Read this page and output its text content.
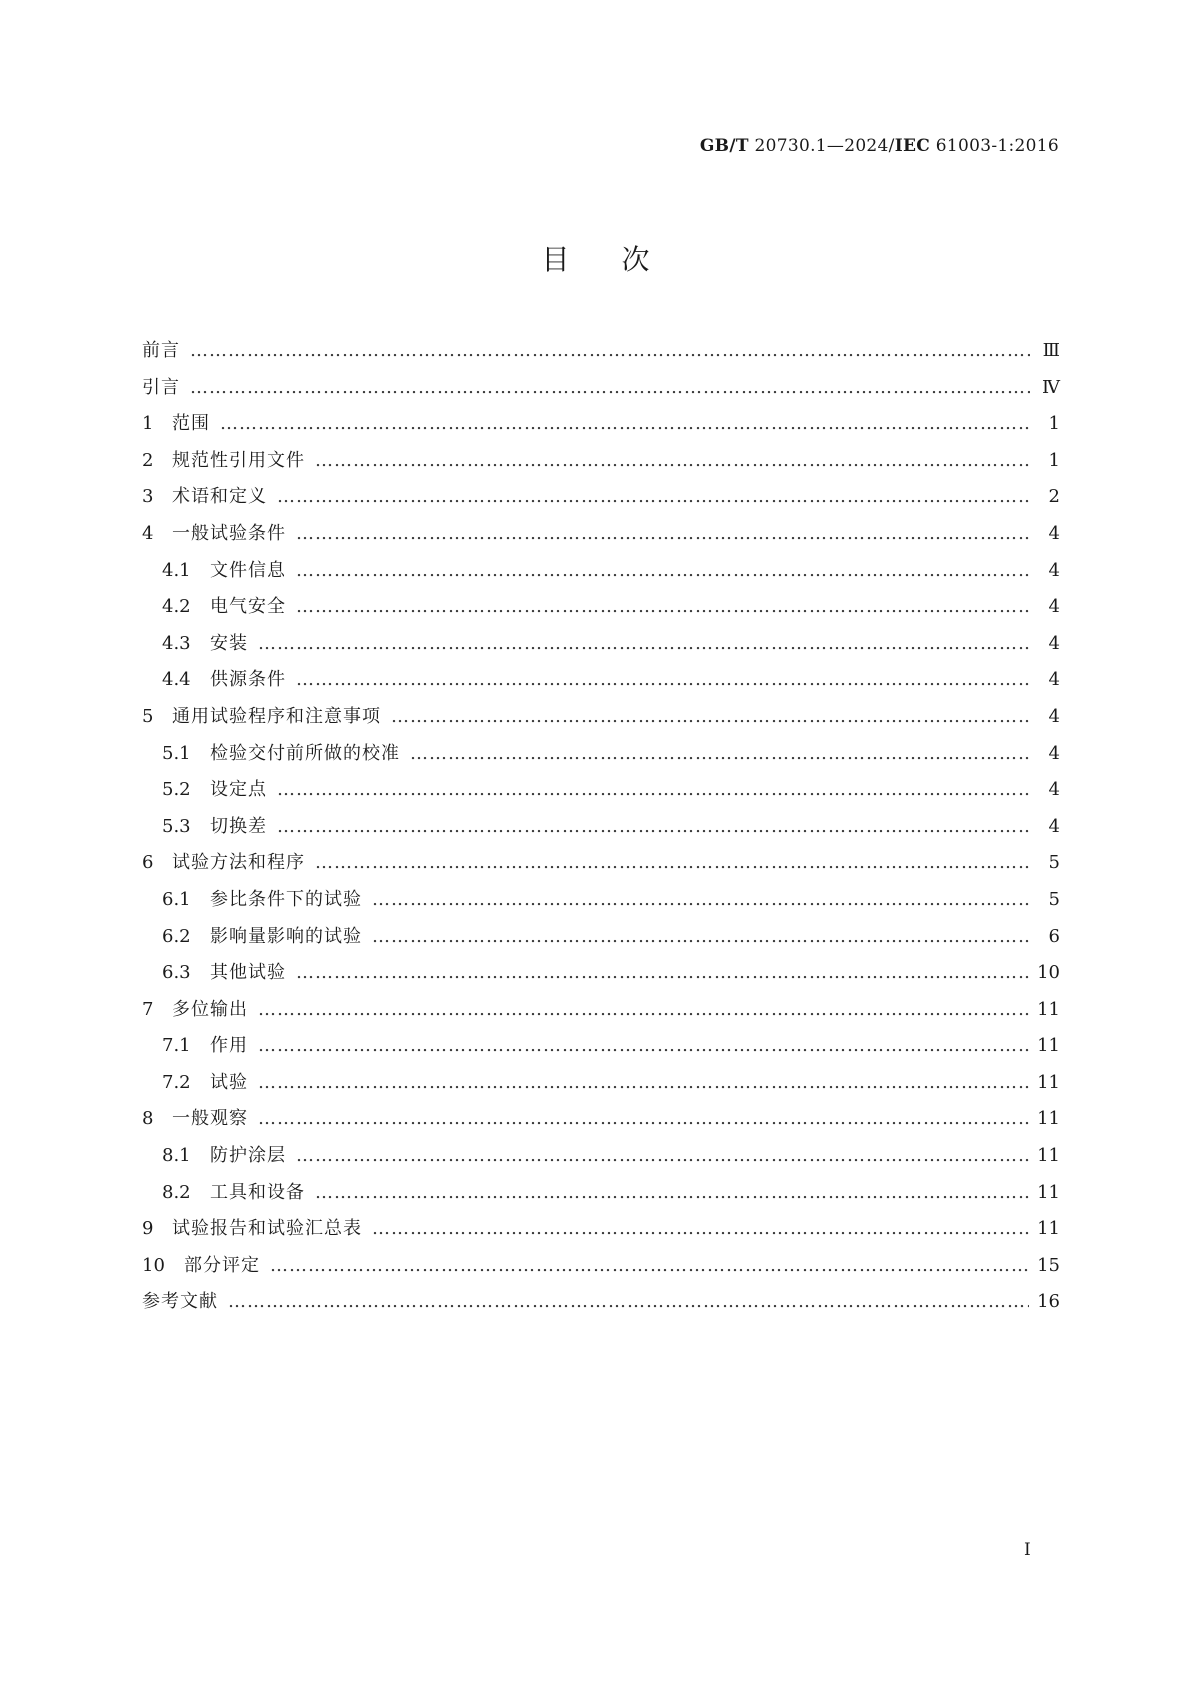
GB/T 20730.1—2024/IEC 61003-1:2016
目次
前言 …………………………………………………………………………………………………………………………………………………………………………………………………………………………………………	Ⅲ
引言 …………………………………………………………………………………………………………………………………………………………………………………………………………………………………………	Ⅳ
1	范围 …………………………………………………………………………………………………………………………………………………………………………………………………………………………………………	1
2	规范性引用文件 …………………………………………………………………………………………………………………………………………………………………………………………………………………………………………	1
3	术语和定义 …………………………………………………………………………………………………………………………………………………………………………………………………………………………………………	2
4	一般试验条件 …………………………………………………………………………………………………………………………………………………………………………………………………………………………………………	4
4.1	文件信息 …………………………………………………………………………………………………………………………………………………………………………………………………………………………………………	4
4.2	电气安全 …………………………………………………………………………………………………………………………………………………………………………………………………………………………………………	4
4.3	安装 …………………………………………………………………………………………………………………………………………………………………………………………………………………………………………	4
4.4	供源条件 …………………………………………………………………………………………………………………………………………………………………………………………………………………………………………	4
5	通用试验程序和注意事项 …………………………………………………………………………………………………………………………………………………………………………………………………………………………………………	4
5.1	检验交付前所做的校准 …………………………………………………………………………………………………………………………………………………………………………………………………………………………………………	4
5.2	设定点 …………………………………………………………………………………………………………………………………………………………………………………………………………………………………………	4
5.3	切换差 …………………………………………………………………………………………………………………………………………………………………………………………………………………………………………	4
6	试验方法和程序 …………………………………………………………………………………………………………………………………………………………………………………………………………………………………………	5
6.1	参比条件下的试验 …………………………………………………………………………………………………………………………………………………………………………………………………………………………………………	5
6.2	影响量影响的试验 …………………………………………………………………………………………………………………………………………………………………………………………………………………………………………	6
6.3	其他试验 …………………………………………………………………………………………………………………………………………………………………………………………………………………………………………	10
7	多位输出 …………………………………………………………………………………………………………………………………………………………………………………………………………………………………………	11
7.1	作用 …………………………………………………………………………………………………………………………………………………………………………………………………………………………………………	11
7.2	试验 …………………………………………………………………………………………………………………………………………………………………………………………………………………………………………	11
8	一般观察 …………………………………………………………………………………………………………………………………………………………………………………………………………………………………………	11
8.1	防护涂层 …………………………………………………………………………………………………………………………………………………………………………………………………………………………………………	11
8.2	工具和设备 …………………………………………………………………………………………………………………………………………………………………………………………………………………………………………	11
9	试验报告和试验汇总表 …………………………………………………………………………………………………………………………………………………………………………………………………………………………………………	11
10	部分评定 …………………………………………………………………………………………………………………………………………………………………………………………………………………………………………	15
参考文献 …………………………………………………………………………………………………………………………………………………………………………………………………………………………………………	16
I
